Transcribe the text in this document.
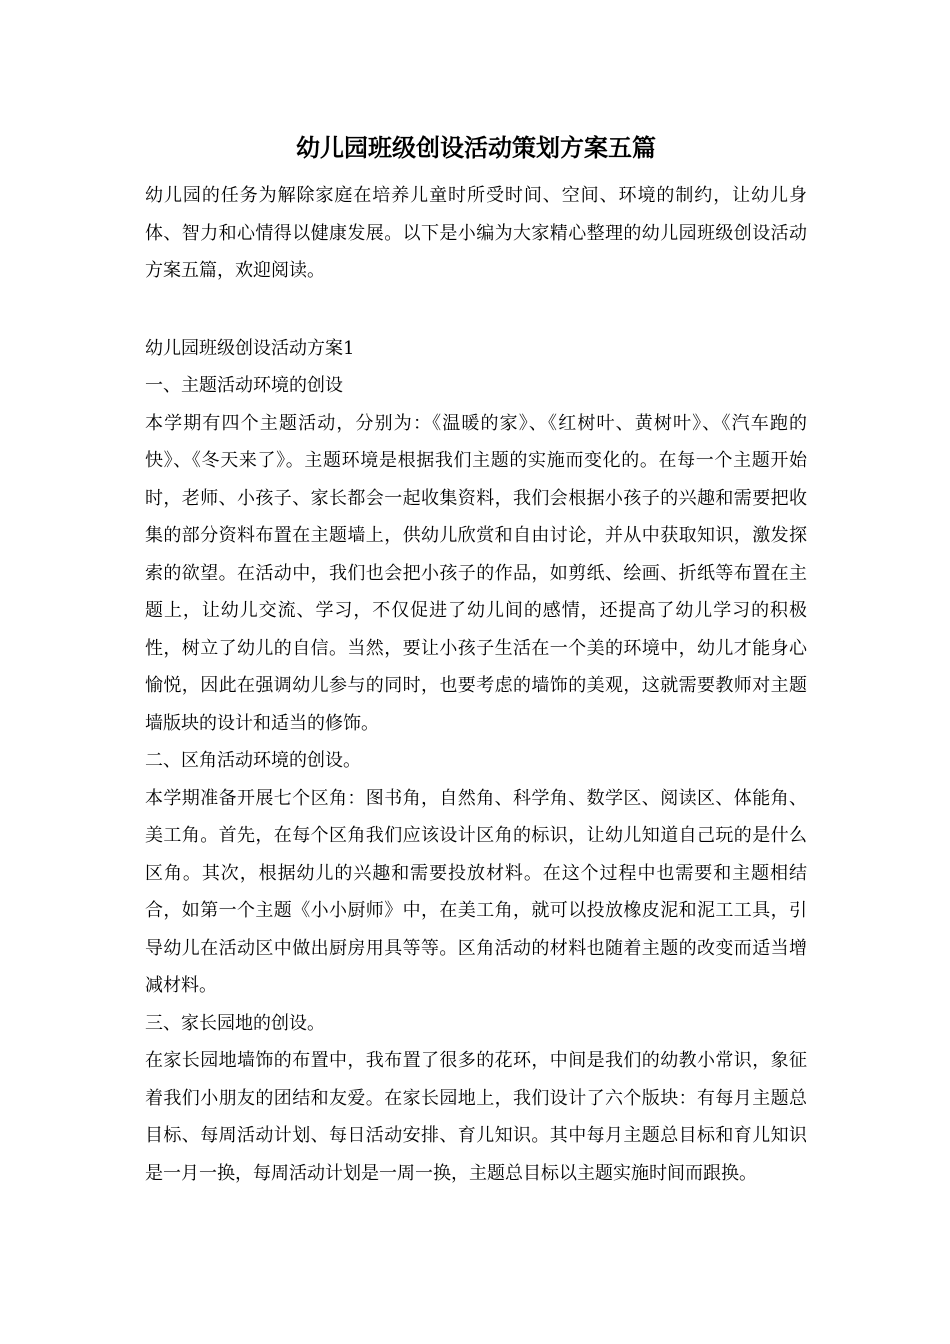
幼儿园班级创设活动策划方案五篇

幼儿园的任务为解除家庭在培养儿童时所受时间、空间、环境的制约，让幼儿身体、智力和心情得以健康发展。以下是小编为大家精心整理的幼儿园班级创设活动方案五篇，欢迎阅读。

幼儿园班级创设活动方案1

一、主题活动环境的创设

本学期有四个主题活动，分别为：《温暖的家》、《红树叶、黄树叶》、《汽车跑的快》、《冬天来了》。主题环境是根据我们主题的实施而变化的。在每一个主题开始时，老师、小孩子、家长都会一起收集资料，我们会根据小孩子的兴趣和需要把收集的部分资料布置在主题墙上，供幼儿欣赏和自由讨论，并从中获取知识，激发探索的欲望。在活动中，我们也会把小孩子的作品，如剪纸、绘画、折纸等布置在主题上，让幼儿交流、学习，不仅促进了幼儿间的感情，还提高了幼儿学习的积极性，树立了幼儿的自信。当然，要让小孩子生活在一个美的环境中，幼儿才能身心愉悦，因此在强调幼儿参与的同时，也要考虑的墙饰的美观，这就需要教师对主题墙版块的设计和适当的修饰。

二、区角活动环境的创设。

本学期准备开展七个区角：图书角，自然角、科学角、数学区、阅读区、体能角、美工角。首先，在每个区角我们应该设计区角的标识，让幼儿知道自己玩的是什么区角。其次，根据幼儿的兴趣和需要投放材料。在这个过程中也需要和主题相结合，如第一个主题《小小厨师》中，在美工角，就可以投放橡皮泥和泥工工具，引导幼儿在活动区中做出厨房用具等等。区角活动的材料也随着主题的改变而适当增减材料。

三、家长园地的创设。

在家长园地墙饰的布置中，我布置了很多的花环，中间是我们的幼教小常识，象征着我们小朋友的团结和友爱。在家长园地上，我们设计了六个版块：有每月主题总目标、每周活动计划、每日活动安排、育儿知识。其中每月主题总目标和育儿知识是一月一换，每周活动计划是一周一换，主题总目标以主题实施时间而跟换。
